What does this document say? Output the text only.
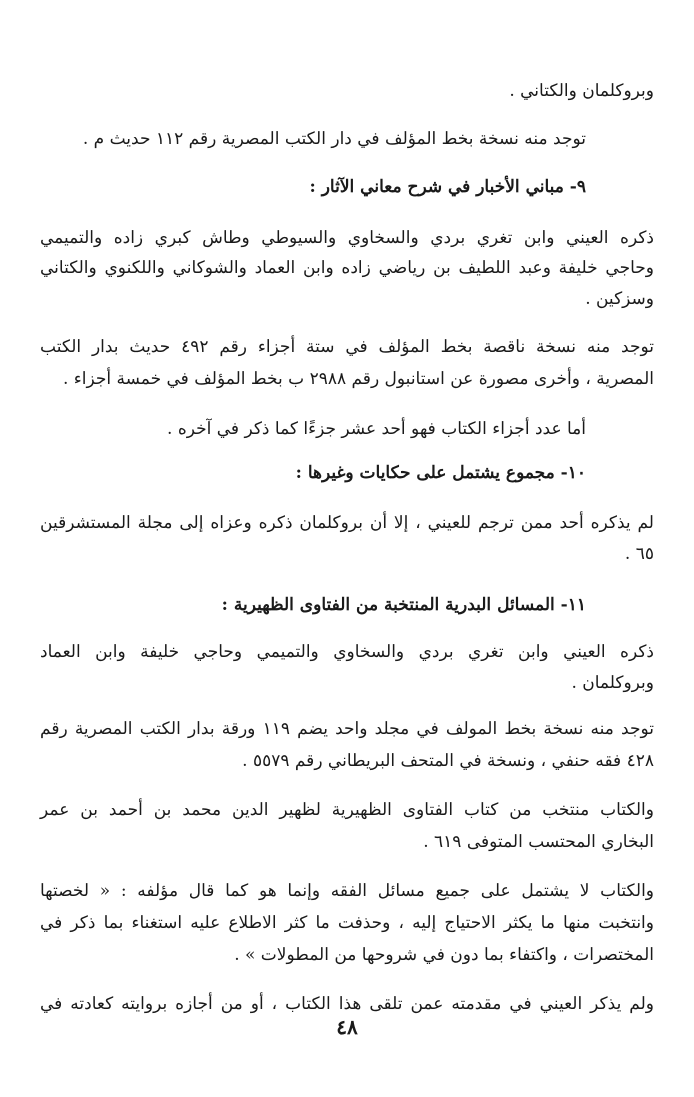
وبروكلمان والكتاني .
توجد منه نسخة بخط المؤلف في دار الكتب المصرية رقم ١١٢ حديث م .
٩- مباني الأخبار في شرح معاني الآثار :
ذكره العيني وابن تغري بردي والسخاوي والسيوطي وطاش كبري زاده والتميمي
وحاجي خليفة وعبد اللطيف بن رياضي زاده وابن العماد والشوكاني واللكنوي والكتاني
وسزكين .
توجد منه نسخة ناقصة بخط المؤلف في ستة أجزاء رقم ٤٩٢ حديث بدار الكتب
المصرية ، وأخرى مصورة عن استانبول رقم ٢٩٨٨ ب بخط المؤلف في خمسة أجزاء .
أما عدد أجزاء الكتاب فهو أحد عشر جزءًا كما ذكر في آخره .
١٠- مجموع يشتمل على حكايات وغيرها :
لم يذكره أحد ممن ترجم للعيني ، إلا أن بروكلمان ذكره وعزاه إلى مجلة المستشرقين
٦٥ .
١١- المسائل البدرية المنتخبة من الفتاوى الظهيرية :
ذكره العيني وابن تغري بردي والسخاوي والتميمي وحاجي خليفة وابن العماد
وبروكلمان .
توجد منه نسخة بخط المولف في مجلد واحد يضم ١١٩ ورقة بدار الكتب المصرية رقم
٤٢٨ فقه حنفي ، ونسخة في المتحف البريطاني رقم ٥٥٧٩ .
والكتاب منتخب من كتاب الفتاوى الظهيرية لظهير الدين محمد بن أحمد بن عمر
البخاري المحتسب المتوفى ٦١٩ .
والكتاب لا يشتمل على جميع مسائل الفقه وإنما هو كما قال مؤلفه : « لخصتها
وانتخبت منها ما يكثر الاحتياج إليه ، وحذفت ما كثر الاطلاع عليه استغناء بما ذكر في
المختصرات ، واكتفاء بما دون في شروحها من المطولات » .
ولم يذكر العيني في مقدمته عمن تلقى هذا الكتاب ، أو من أجازه بروايته كعادته في
٤٨
